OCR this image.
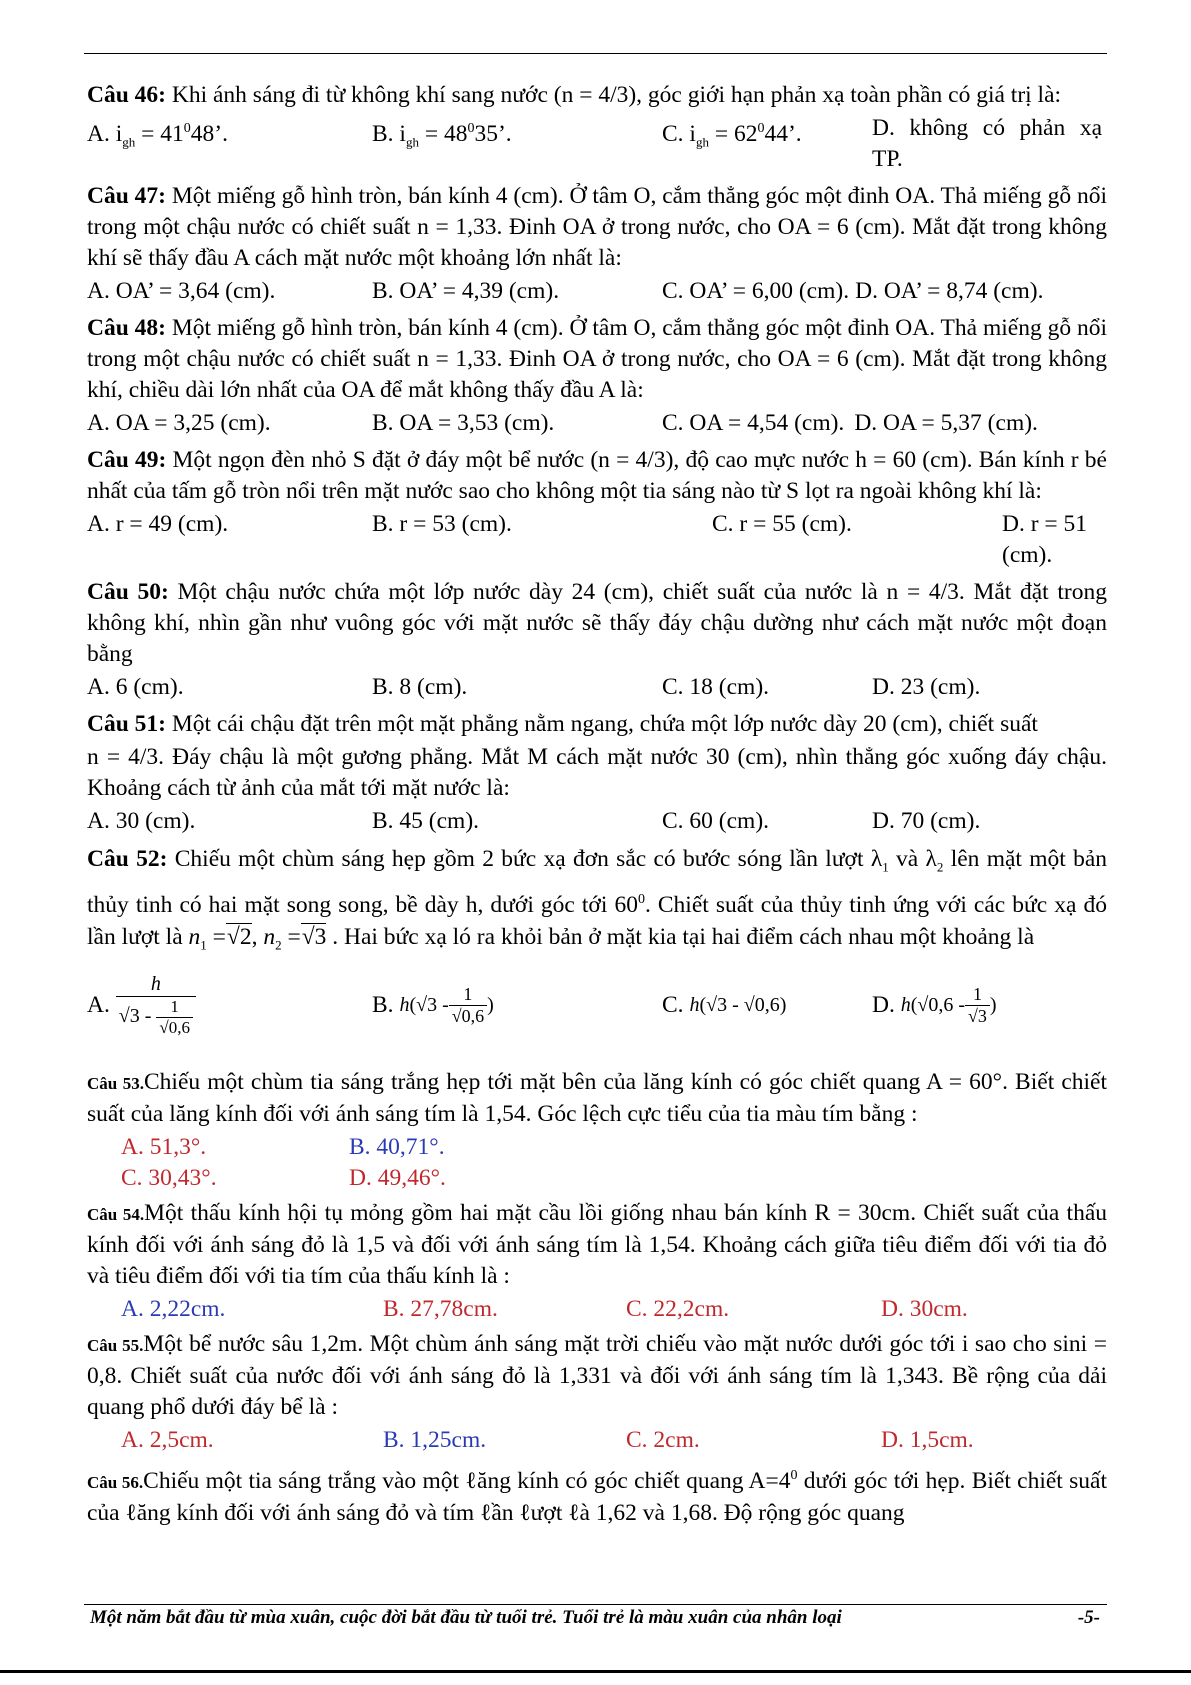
Câu 46: Khi ánh sáng đi từ không khí sang nước (n = 4/3), góc giới hạn phản xạ toàn phần có giá trị là:

A. $i_{gh} = 41^048$’.	B. $i_{gh} = 48^035$’.	C. $i_{gh} = 62^044$’.	D. không có phản xạ TP.

Câu 47: Một miếng gỗ hình tròn, bán kính 4 (cm). Ở tâm O, cắm thẳng góc một đinh OA. Thả miếng gỗ nổi trong một chậu nước có chiết suất n = 1,33. Đinh OA ở trong nước, cho OA = 6 (cm). Mắt đặt trong không khí sẽ thấy đầu A cách mặt nước một khoảng lớn nhất là:

A. OA’ = 3,64 (cm).	B. OA’ = 4,39 (cm).	C. OA’ = 6,00 (cm). D. OA’ = 8,74 (cm).

Câu 48: Một miếng gỗ hình tròn, bán kính 4 (cm). Ở tâm O, cắm thẳng góc một đinh OA. Thả miếng gỗ nổi trong một chậu nước có chiết suất n = 1,33. Đinh OA ở trong nước, cho OA = 6 (cm). Mắt đặt trong không khí, chiều dài lớn nhất của OA để mắt không thấy đầu A là:

A. OA = 3,25 (cm).	B. OA = 3,53 (cm).	C. OA = 4,54 (cm). D. OA = 5,37 (cm).

Câu 49: Một ngọn đèn nhỏ S đặt ở đáy một bể nước (n = 4/3), độ cao mực nước h = 60 (cm). Bán kính r bé nhất của tấm gỗ tròn nổi trên mặt nước sao cho không một tia sáng nào từ S lọt ra ngoài không khí là:

A. r = 49 (cm).	B. r = 53 (cm).	C. r = 55 (cm).	D. r = 51 (cm).

Câu 50: Một chậu nước chứa một lớp nước dày 24 (cm), chiết suất của nước là n = 4/3. Mắt đặt trong không khí, nhìn gần như vuông góc với mặt nước sẽ thấy đáy chậu dường như cách mặt nước một đoạn bằng

A. 6 (cm).	B. 8 (cm).	C. 18 (cm).	D. 23 (cm).

Câu 51: Một cái chậu đặt trên một mặt phẳng nằm ngang, chứa một lớp nước dày 20 (cm), chiết suất

n = 4/3. Đáy chậu là một gương phẳng. Mắt M cách mặt nước 30 (cm), nhìn thẳng góc xuống đáy chậu. Khoảng cách từ ảnh của mắt tới mặt nước là:

A. 30 (cm).	B. 45 (cm).	C. 60 (cm).	D. 70 (cm).

Câu 52: Chiếu một chùm sáng hẹp gồm 2 bức xạ đơn sắc có bước sóng lần lượt $\lambda_1$ và $\lambda_2$ lên mặt một bản thủy tinh có hai mặt song song, bề dày h, dưới góc tới $60^0$. Chiết suất của thủy tinh ứng với các bức xạ đó lần lượt là $n_1 =√2$, $n_2 =√3$ . Hai bức xạ ló ra khỏi bản ở mặt kia tại hai điểm cách nhau một khoảng là

A. $\frac{h}{√3 - \frac{1}{√0,6}}$	B. h ($√3 - \frac{1}{√0,6}$ )	C. h (√3 - √0,6)	D. h ($√0,6 - \frac{1}{√3}$ )

Câu 53.Chiếu một chùm tia sáng trắng hẹp tới mặt bên của lăng kính có góc chiết quang A = 60°. Biết chiết suất của lăng kính đối với ánh sáng tím là 1,54. Góc lệch cực tiểu của tia màu tím bằng :

A. 51,3°.	B. 40,71°.
C. 30,43°.	D. 49,46°.

Câu 54.Một thấu kính hội tụ mỏng gồm hai mặt cầu lồi giống nhau bán kính R = 30cm. Chiết suất của thấu kính đối với ánh sáng đỏ là 1,5 và đối với ánh sáng tím là 1,54. Khoảng cách giữa tiêu điểm đối với tia đỏ và tiêu điểm đối với tia tím của thấu kính là :

A. 2,22cm.	B. 27,78cm.	C. 22,2cm.	D. 30cm.

Câu 55.Một bể nước sâu 1,2m. Một chùm ánh sáng mặt trời chiếu vào mặt nước dưới góc tới i sao cho sini = 0,8. Chiết suất của nước đối với ánh sáng đỏ là 1,331 và đối với ánh sáng tím là 1,343. Bề rộng của dải quang phổ dưới đáy bể là :

A. 2,5cm.	B. 1,25cm.	C. 2cm.	D. 1,5cm.

Câu 56.Chiếu một tia sáng trắng vào một ℓăng kính có góc chiết quang $A=4^0$ dưới góc tới hẹp. Biết chiết suất của ℓăng kính đối với ánh sáng đỏ và tím ℓần ℓượt ℓà 1,62 và 1,68. Độ rộng góc quang

Một năm bắt đầu từ mùa xuân, cuộc đời bắt đầu từ tuổi trẻ. Tuổi trẻ là màu xuân của nhân loại	-5-
